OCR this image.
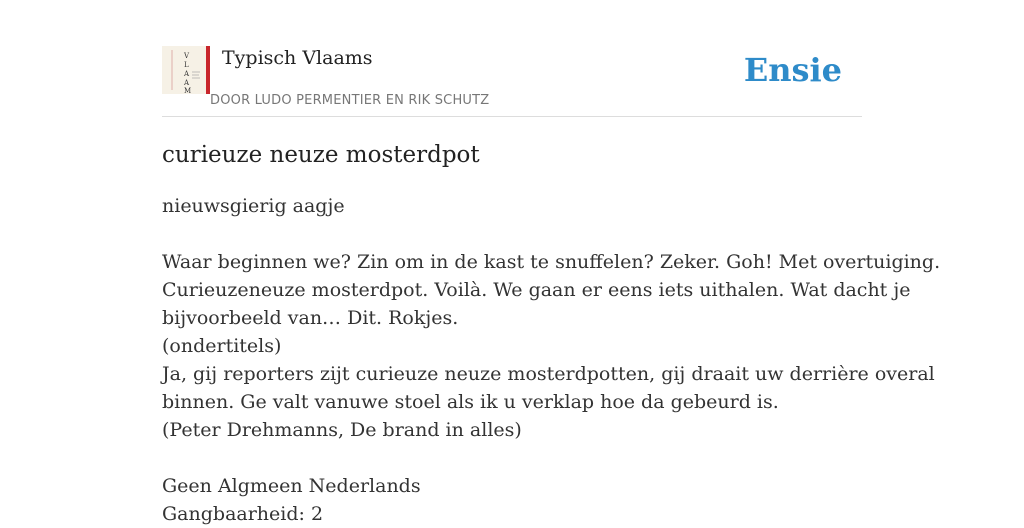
V
L
A
A
M
Typisch Vlaams
DOOR LUDO PERMENTIER EN RIK SCHUTZ
Ensie
curieuze neuze mosterdpot
nieuwsgierig aagje
Waar beginnen we? Zin om in de kast te snuffelen? Zeker. Goh! Met overtuiging.
Curieuzeneuze mosterdpot. Voilà. We gaan er eens iets uithalen. Wat dacht je
bijvoorbeeld van… Dit. Rokjes.
(ondertitels)
Ja, gij reporters zijt curieuze neuze mosterdpotten, gij draait uw derrière overal
binnen. Ge valt vanuwe stoel als ik u verklap hoe da gebeurd is.
(Peter Drehmanns, De brand in alles)
Geen Algmeen Nederlands
Gangbaarheid: 2
